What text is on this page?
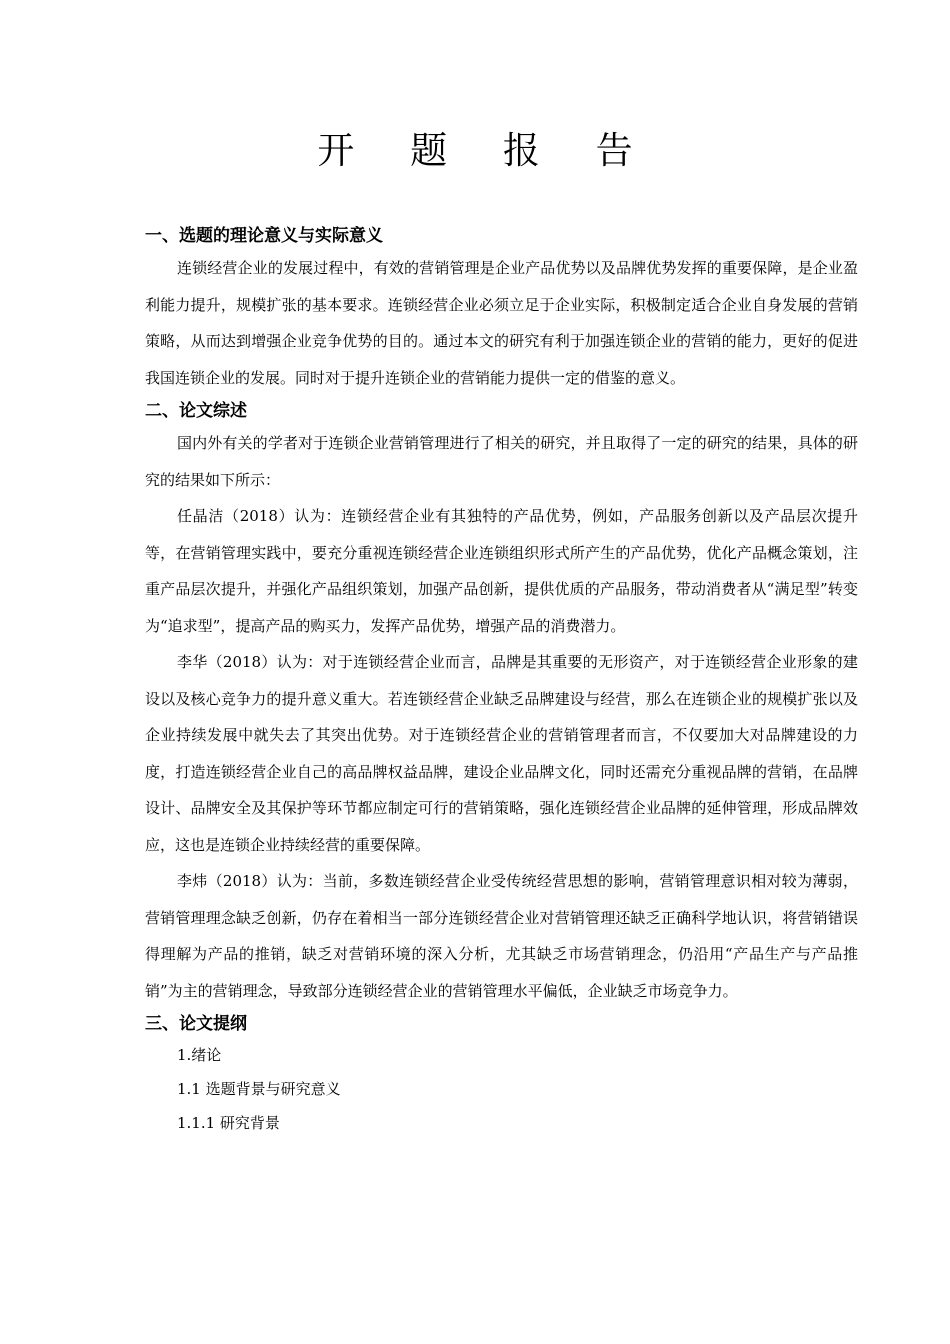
开 题 报 告
一、选题的理论意义与实际意义

连锁经营企业的发展过程中，有效的营销管理是企业产品优势以及品牌优势发挥的重要保障，是企业盈利能力提升，规模扩张的基本要求。连锁经营企业必须立足于企业实际，积极制定适合企业自身发展的营销策略，从而达到增强企业竞争优势的目的。通过本文的研究有利于加强连锁企业的营销的能力，更好的促进我国连锁企业的发展。同时对于提升连锁企业的营销能力提供一定的借鉴的意义。

二、论文综述

国内外有关的学者对于连锁企业营销管理进行了相关的研究，并且取得了一定的研究的结果，具体的研究的结果如下所示：

任晶洁（2018）认为：连锁经营企业有其独特的产品优势，例如，产品服务创新以及产品层次提升等，在营销管理实践中，要充分重视连锁经营企业连锁组织形式所产生的产品优势，优化产品概念策划，注重产品层次提升，并强化产品组织策划，加强产品创新，提供优质的产品服务，带动消费者从“满足型”转变为“追求型”，提高产品的购买力，发挥产品优势，增强产品的消费潜力。

李华（2018）认为：对于连锁经营企业而言，品牌是其重要的无形资产，对于连锁经营企业形象的建设以及核心竞争力的提升意义重大。若连锁经营企业缺乏品牌建设与经营，那么在连锁企业的规模扩张以及企业持续发展中就失去了其突出优势。对于连锁经营企业的营销管理者而言，不仅要加大对品牌建设的力度，打造连锁经营企业自己的高品牌权益品牌，建设企业品牌文化，同时还需充分重视品牌的营销，在品牌设计、品牌安全及其保护等环节都应制定可行的营销策略，强化连锁经营企业品牌的延伸管理，形成品牌效应，这也是连锁企业持续经营的重要保障。

李炜（2018）认为：当前，多数连锁经营企业受传统经营思想的影响，营销管理意识相对较为薄弱，营销管理理念缺乏创新，仍存在着相当一部分连锁经营企业对营销管理还缺乏正确科学地认识，将营销错误得理解为产品的推销，缺乏对营销环境的深入分析，尤其缺乏市场营销理念，仍沿用“产品生产与产品推销”为主的营销理念，导致部分连锁经营企业的营销管理水平偏低，企业缺乏市场竞争力。

三、论文提纲

1.绪论

1.1 选题背景与研究意义

1.1.1 研究背景
